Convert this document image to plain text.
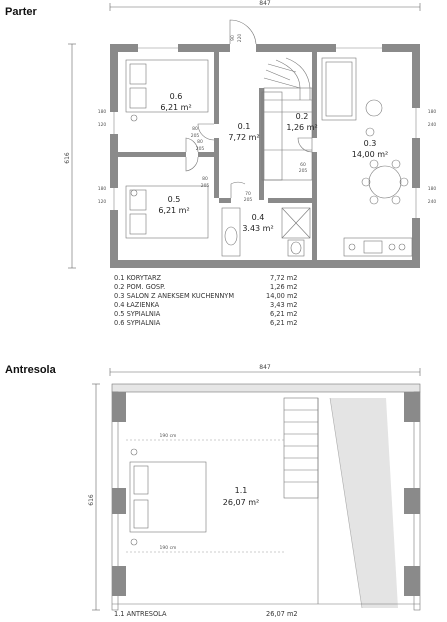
Parter
Antresola
847
616
180
120
180
120
180
240
180
240
90 220
80
205
80
205
80
205
70
205
60
205
0.6
6,21 m²
0.1
7,72 m²
0.2
1,26 m²
0.3
14,00 m²
0.4
3.43 m²
0.5
6,21 m²
0.1 KORYTARZ	7,72 m2
0.2 POM. GOSP.	1,26 m2
0.3 SALON Z ANEKSEM KUCHENNYM	14,00 m2
0.4 ŁAZIENKA	3,43 m2
0.5 SYPIALNIA	6,21 m2
0.6 SYPIALNIA	6,21 m2
847
616
190 cm
190 cm
1.1
26,07 m²
1.1 ANTRESOLA	26,07 m2
